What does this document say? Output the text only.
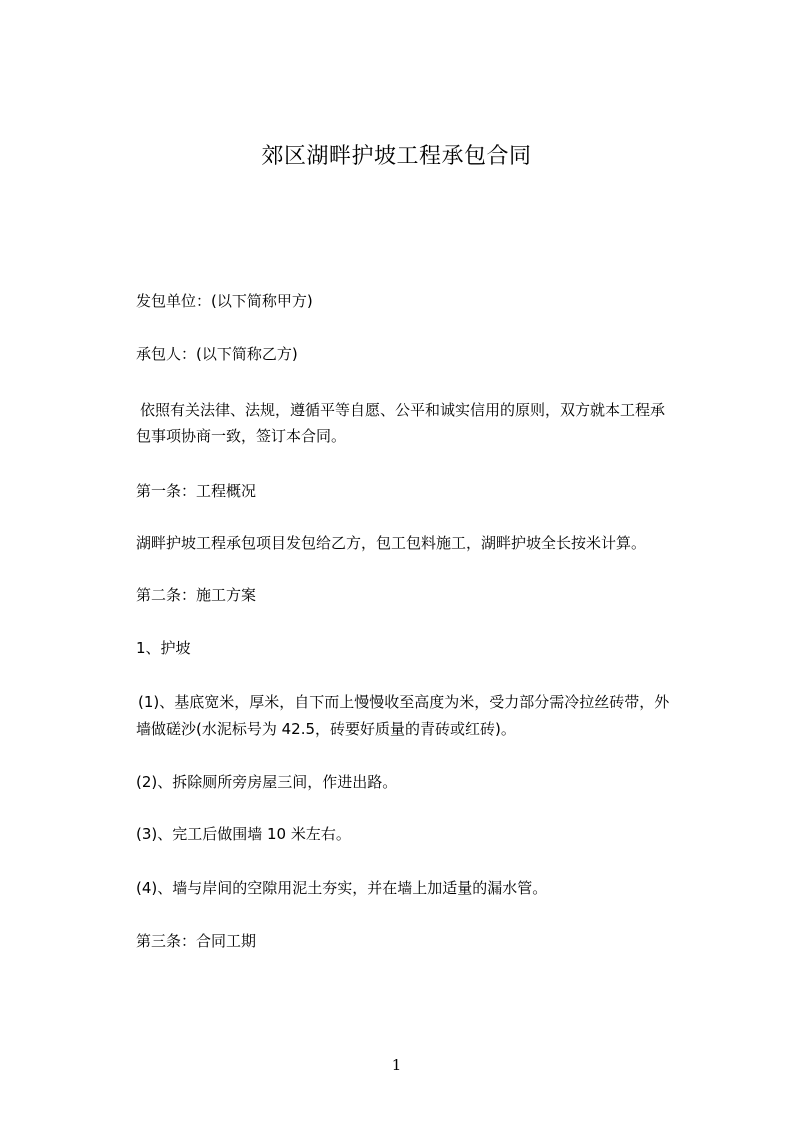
郊区湖畔护坡工程承包合同
发包单位：(以下简称甲方)
承包人：(以下简称乙方)
依照有关法律、法规，遵循平等自愿、公平和诚实信用的原则，双方就本工程承
包事项协商一致，签订本合同。
第一条：工程概况
湖畔护坡工程承包项目发包给乙方，包工包料施工，湖畔护坡全长按米计算。
第二条：施工方案
1、护坡
(1)、基底宽米，厚米，自下而上慢慢收至高度为米，受力部分需冷拉丝砖带，外
墙做磋沙(水泥标号为 42.5，砖要好质量的青砖或红砖)。
(2)、拆除厕所旁房屋三间，作进出路。
(3)、完工后做围墙 10 米左右。
(4)、墙与岸间的空隙用泥土夯实，并在墙上加适量的漏水管。
第三条：合同工期
1
